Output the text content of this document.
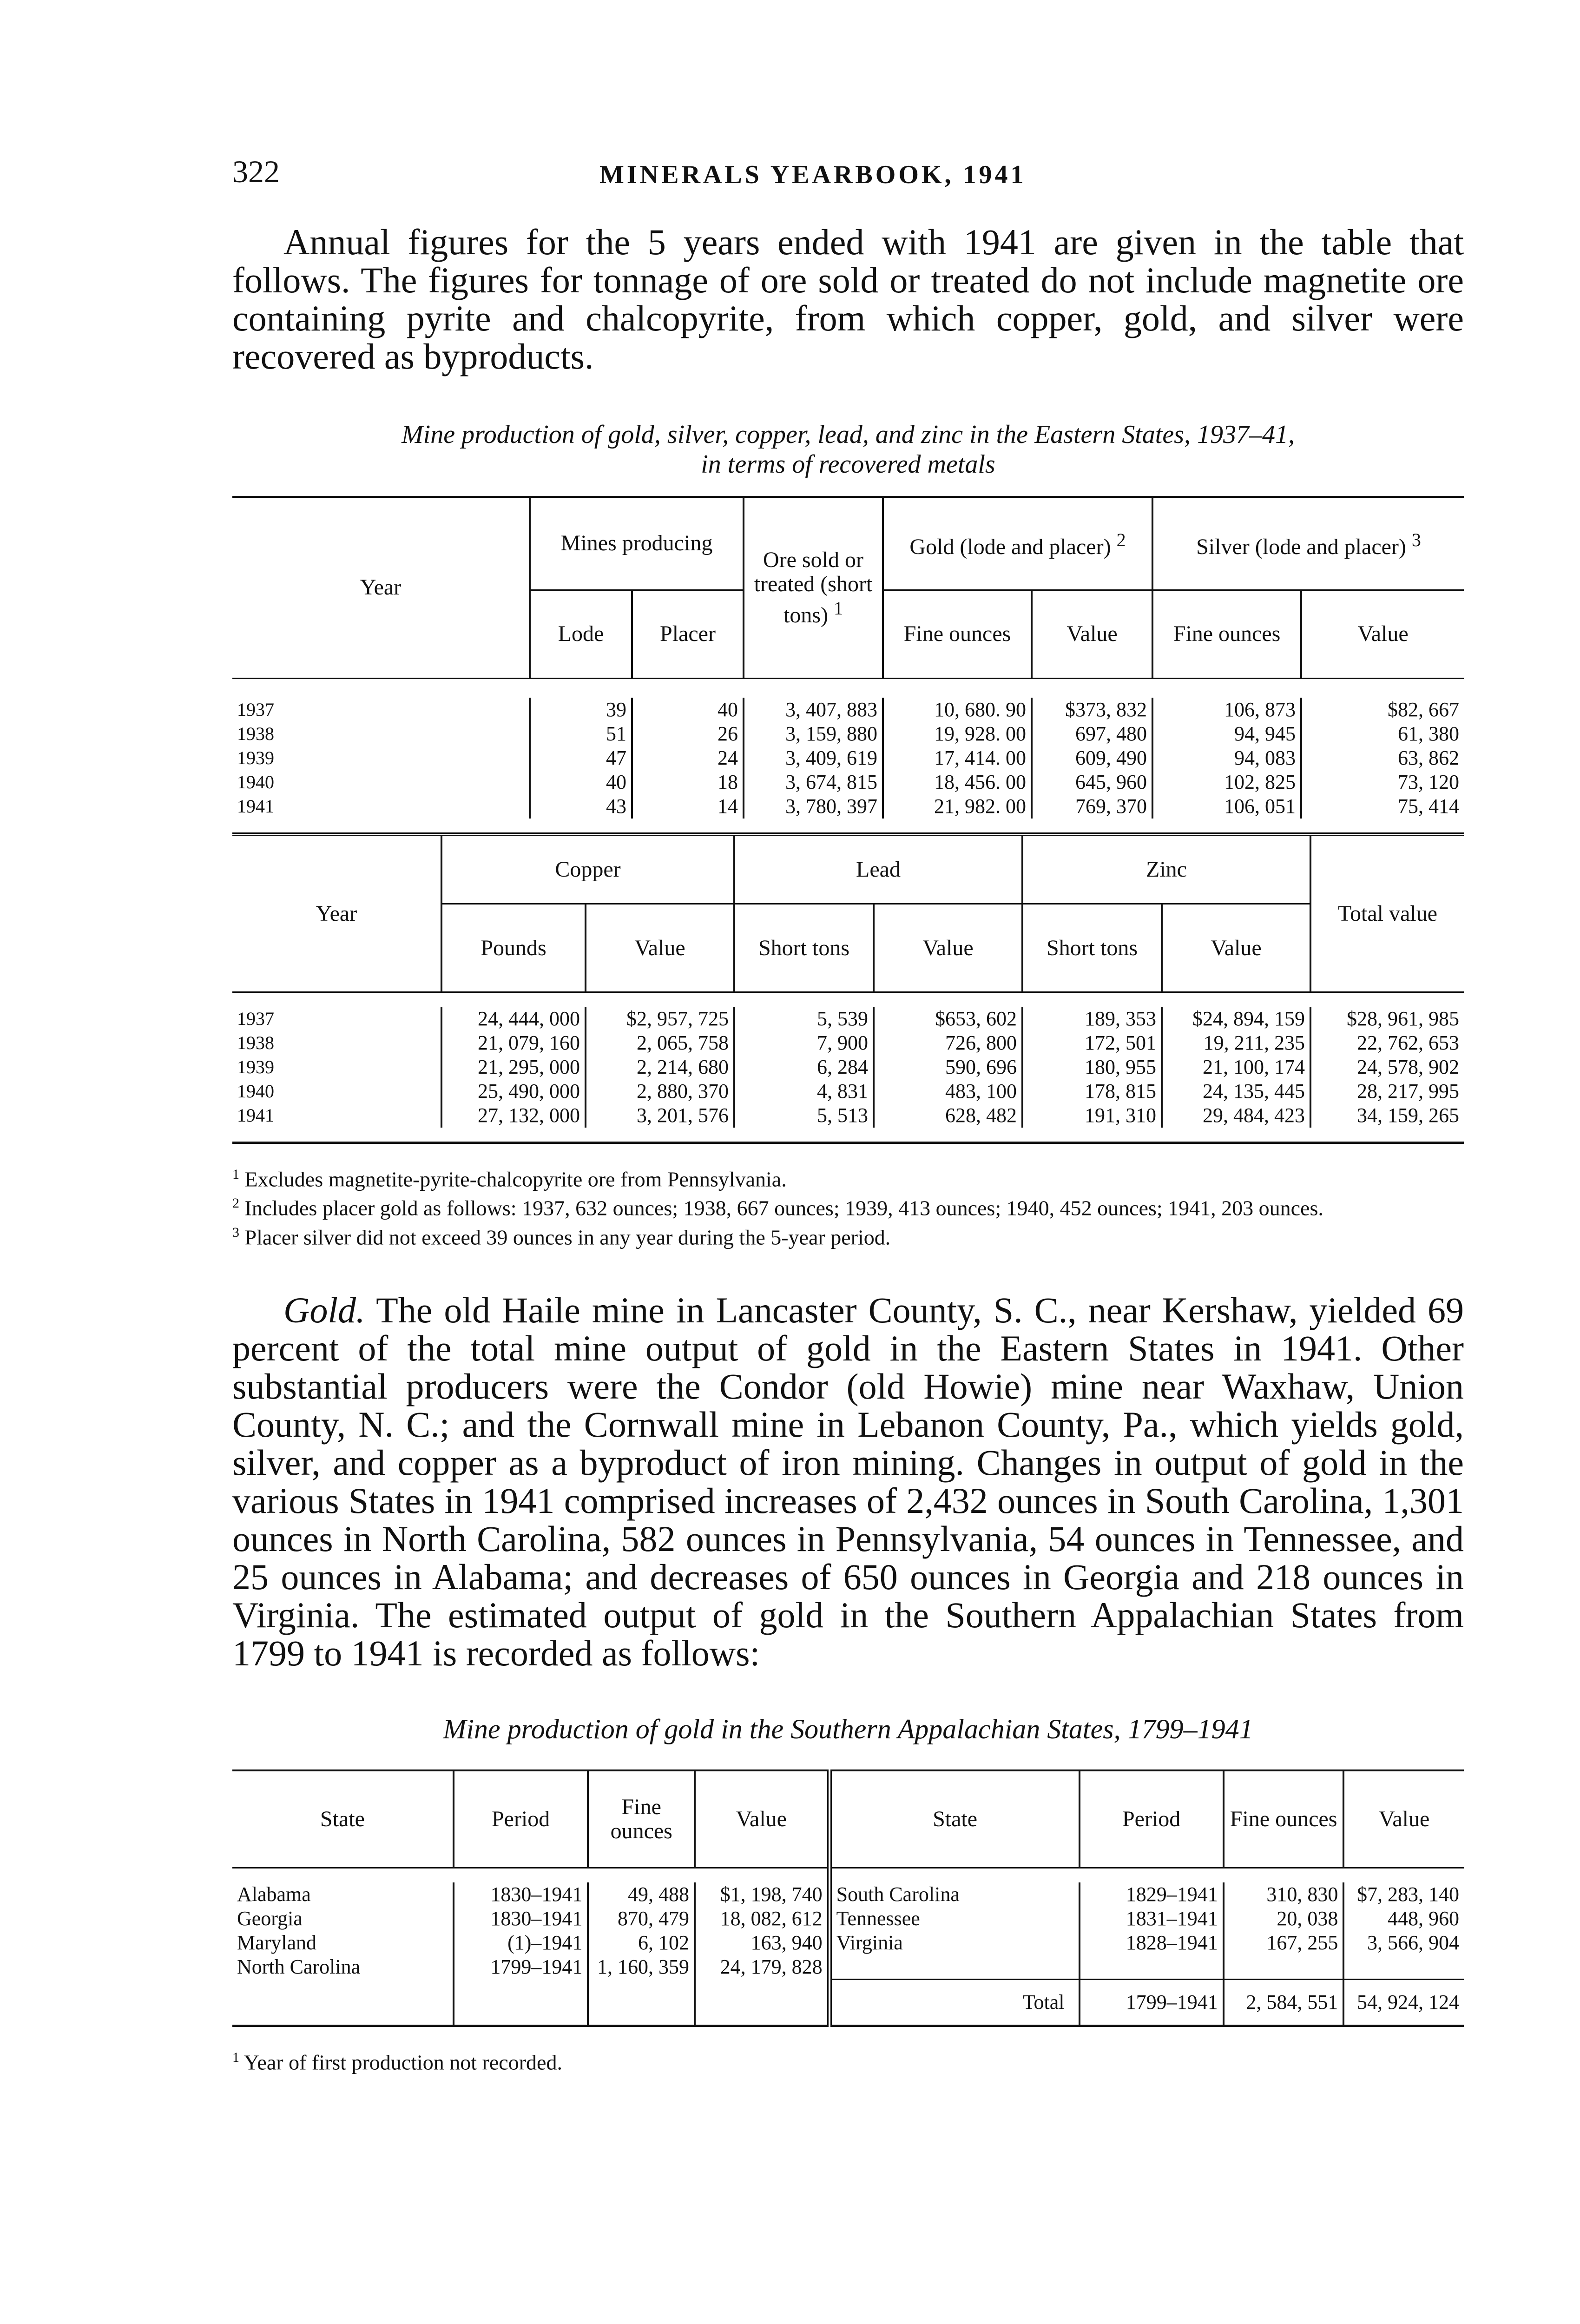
322	MINERALS YEARBOOK, 1941

Annual figures for the 5 years ended with 1941 are given in the table that follows. The figures for tonnage of ore sold or treated do not include magnetite ore containing pyrite and chalcopyrite, from which copper, gold, and silver were recovered as byproducts.

Mine production of gold, silver, copper, lead, and zinc in the Eastern States, 1937–41,

in terms of recovered metals

Year	Mines producing		Ore sold or treated (short tons) $^1$	Gold (lode and placer) $^2$		Silver (lode and placer) $^3$
	Lode	Placer		Fine ounces	Value	Fine ounces	Value

1937	39	40	3, 407, 883	10, 680. 90	$373, 832	106, 873	$82, 667
1938	51	26	3, 159, 880	19, 928. 00	697, 480	94, 945	61, 380
1939	47	24	3, 409, 619	17, 414. 00	609, 490	94, 083	63, 862
1940	40	18	3, 674, 815	18, 456. 00	645, 960	102, 825	73, 120
1941	43	14	3, 780, 397	21, 982. 00	769, 370	106, 051	75, 414

Year	Copper		Lead		Zinc		Total value
	Pounds	Value	Short tons	Value	Short tons	Value	

1937	24, 444, 000	$2, 957, 725	5, 539	$653, 602	189, 353	$24, 894, 159	$28, 961, 985
1938	21, 079, 160	2, 065, 758	7, 900	726, 800	172, 501	19, 211, 235	22, 762, 653
1939	21, 295, 000	2, 214, 680	6, 284	590, 696	180, 955	21, 100, 174	24, 578, 902
1940	25, 490, 000	2, 880, 370	4, 831	483, 100	178, 815	24, 135, 445	28, 217, 995
1941	27, 132, 000	3, 201, 576	5, 513	628, 482	191, 310	29, 484, 423	34, 159, 265

$^1$ Excludes magnetite-pyrite-chalcopyrite ore from Pennsylvania.

$^2$ Includes placer gold as follows: 1937, 632 ounces; 1938, 667 ounces; 1939, 413 ounces; 1940, 452 ounces; 1941, 203 ounces.

$^3$ Placer silver did not exceed 39 ounces in any year during the 5-year period.

Gold. The old Haile mine in Lancaster County, S. C., near Kershaw, yielded 69 percent of the total mine output of gold in the Eastern States in 1941. Other substantial producers were the Condor (old Howie) mine near Waxhaw, Union County, N. C.; and the Cornwall mine in Lebanon County, Pa., which yields gold, silver, and copper as a byproduct of iron mining. Changes in output of gold in the various States in 1941 comprised increases of 2,432 ounces in South Carolina, 1,301 ounces in North Carolina, 582 ounces in Pennsylvania, 54 ounces in Tennessee, and 25 ounces in Alabama; and decreases of 650 ounces in Georgia and 218 ounces in Virginia. The estimated output of gold in the Southern Appalachian States from 1799 to 1941 is recorded as follows:

Mine production of gold in the Southern Appalachian States, 1799–1941

State	Period	Fine ounces	Value	State	Period	Fine ounces	Value

Alabama	1830–1941	49, 488	$1, 198, 740	South Carolina	1829–1941	310, 830	$7, 283, 140
Georgia	1830–1941	870, 479	18, 082, 612	Tennessee	1831–1941	20, 038	448, 960
Maryland	(1)–1941	6, 102	163, 940	Virginia	1828–1941	167, 255	3, 566, 904
North Carolina	1799–1941	1, 160, 359	24, 179, 828				
				Total	1799–1941	2, 584, 551	54, 924, 124

$^1$ Year of first production not recorded.
